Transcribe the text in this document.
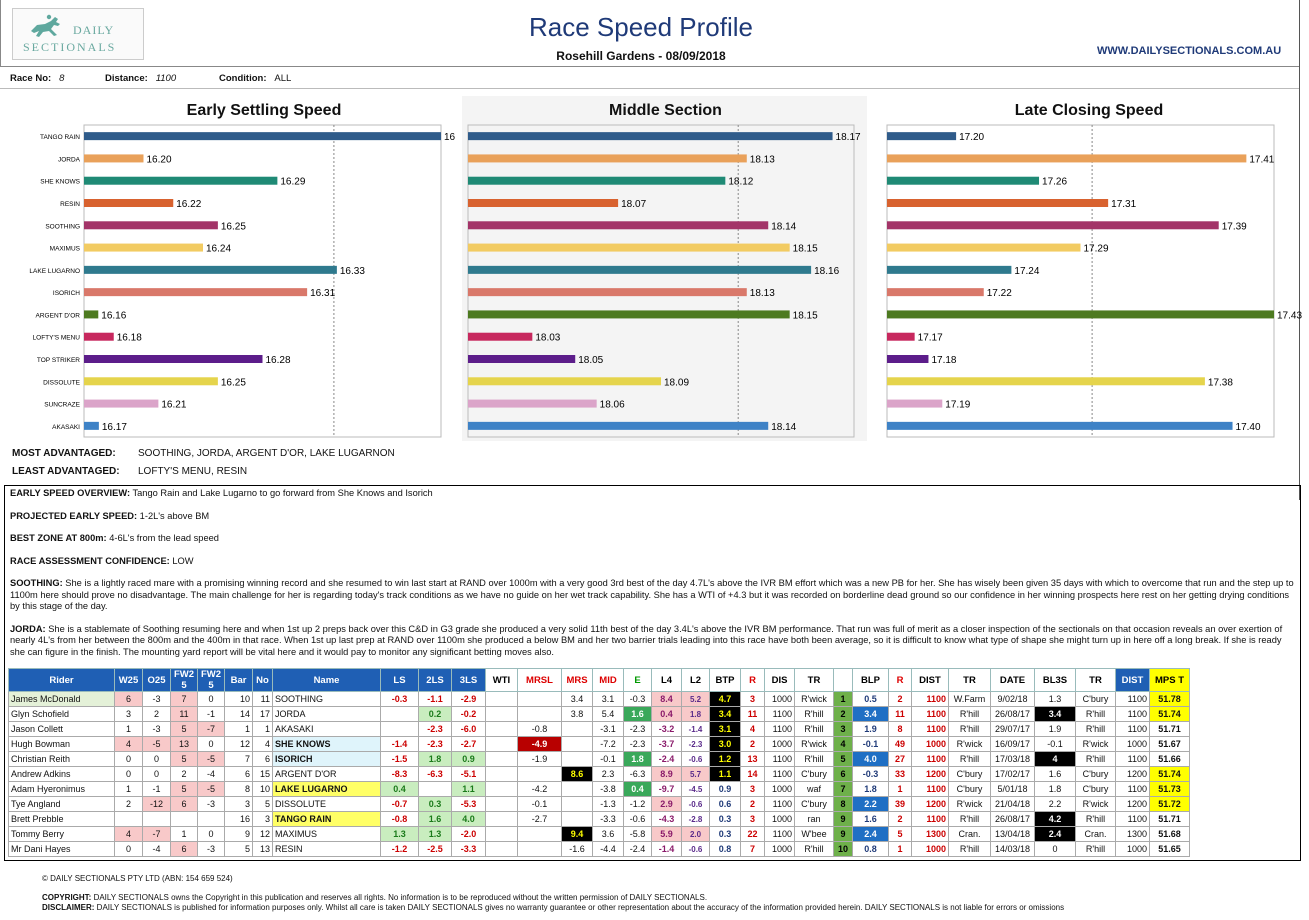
DAILY
SECTIONALS
Race Speed Profile
Rosehill Gardens - 08/09/2018	WWW.DAILYSECTIONALS.COM.AU
Race No: 8	Distance: 1100	Condition: ALL
Early Settling Speed	Middle Section	Late Closing Speed
16
TANGO RAIN
16.20
JORDA
16.29
SHE KNOWS
16.22
RESIN
16.25
SOOTHING
16.24
MAXIMUS
16.33
LAKE LUGARNO
16.31
ISORICH
16.16
ARGENT D'OR
16.18
LOFTY'S MENU
16.28
TOP STRIKER
16.25
DISSOLUTE
16.21
SUNCRAZE
16.17
AKASAKI
18.17
18.13
18.12
18.07
18.14
18.15
18.16
18.13
18.15
18.03
18.05
18.09
18.06
18.14
17.20
17.41
17.26
17.31
17.39
17.29
17.24
17.22
17.43
17.17
17.18
17.38
17.19
17.40
MOST ADVANTAGED: SOOTHING, JORDA, ARGENT D'OR, LAKE LUGARNON
LEAST ADVANTAGED: LOFTY'S MENU, RESIN

EARLY SPEED OVERVIEW: Tango Rain and Lake Lugarno to go forward from She Knows and Isorich

PROJECTED EARLY SPEED: 1-2L's above BM

BEST ZONE AT 800m: 4-6L's from the lead speed

RACE ASSESSMENT CONFIDENCE: LOW

SOOTHING: She is a lightly raced mare with a promising winning record and she resumed to win last start at RAND over 1000m with a very good 3rd best of the day 4.7L's above the IVR BM effort which was a new PB for her. She has wisely been given 35 days with which to overcome that run and the step up to 1100m here should prove no disadvantage. The main challenge for her is regarding today's track conditions as we have no guide on her wet track capability. She has a WTI of +4.3 but it was recorded on borderline dead ground so our confidence in her winning prospects here rest on her getting drying conditions by this stage of the day.

JORDA: She is a stablemate of Soothing resuming here and when 1st up 2 preps back over this C&D in G3 grade she produced a very solid 11th best of the day 3.4L's above the IVR BM performance. That run was full of merit as a closer inspection of the sectionals on that occasion reveals an over exertion of nearly 4L's from her between the 800m and the 400m in that race. When 1st up last prep at RAND over 1100m she produced a below BM and her two barrier trials leading into this race have both been average, so it is difficult to know what type of shape she might turn up in here off a long break. If she is ready she can figure in the finish. The mounting yard report will be vital here and it would pay to monitor any significant betting moves also.

Rider	W25	O25	FW2 5	FW2 5	Bar	No	Name	LS	2LS	3LS	WTI	MRSL	MRS	MID	E	L4	L2	BTP	R	DIS	TR		BLP	R	DIST	TR	DATE	BL3S	TR	DIST	MPS T
James McDonald	6	-3	7	0	10	11	SOOTHING	-0.3	-1.1	-2.9			3.4	3.1	-0.3	8.4	5.2	4.7	3	1000	R'wick	1	0.5	2	1100	W.Farm	9/02/18	1.3	C'bury	1100	51.78
Glyn Schofield	3	2	11	-1	14	17	JORDA		0.2	-0.2			3.8	5.4	1.6	0.4	1.8	3.4	11	1100	R'hill	2	3.4	11	1100	R'hill	26/08/17	3.4	R'hill	1100	51.74
Jason Collett	1	-3	5	-7	1	1	AKASAKI		-2.3	-6.0		-0.8		-3.1	-2.3	-3.2	-1.4	3.1	4	1100	R'hill	3	1.9	8	1100	R'hill	29/07/17	1.9	R'hill	1100	51.71
Hugh Bowman	4	-5	13	0	12	4	SHE KNOWS	-1.4	-2.3	-2.7		-4.9		-7.2	-2.3	-3.7	-2.3	3.0	2	1000	R'wick	4	-0.1	49	1000	R'wick	16/09/17	-0.1	R'wick	1000	51.67
Christian Reith	0	0	5	-5	7	6	ISORICH	-1.5	1.8	0.9		-1.9		-0.1	1.8	-2.4	-0.6	1.2	13	1100	R'hill	5	4.0	27	1100	R'hill	17/03/18	4	R'hill	1100	51.66
Andrew Adkins	0	0	2	-4	6	15	ARGENT D'OR	-8.3	-6.3	-5.1			8.6	2.3	-6.3	8.9	5.7	1.1	14	1100	C'bury	6	-0.3	33	1200	C'bury	17/02/17	1.6	C'bury	1200	51.74
Adam Hyeronimus	1	-1	5	-5	8	10	LAKE LUGARNO	0.4		1.1		-4.2		-3.8	0.4	-9.7	-4.5	0.9	3	1000	waf	7	1.8	1	1100	C'bury	5/01/18	1.8	C'bury	1100	51.73
Tye Angland	2	-12	6	-3	3	5	DISSOLUTE	-0.7	0.3	-5.3		-0.1		-1.3	-1.2	2.9	-0.6	0.6	2	1100	C'bury	8	2.2	39	1200	R'wick	21/04/18	2.2	R'wick	1200	51.72
Brett Prebble					16	3	TANGO RAIN	-0.8	1.6	4.0		-2.7		-3.3	-0.6	-4.3	-2.8	0.3	3	1000	ran	9	1.6	2	1100	R'hill	26/08/17	4.2	R'hill	1100	51.71
Tommy Berry	4	-7	1	0	9	12	MAXIMUS	1.3	1.3	-2.0			9.4	3.6	-5.8	5.9	2.0	0.3	22	1100	W'bee	9	2.4	5	1300	Cran.	13/04/18	2.4	Cran.	1300	51.68
Mr Dani Hayes	0	-4	6	-3	5	13	RESIN	-1.2	-2.5	-3.3			-1.6	-4.4	-2.4	-1.4	-0.6	0.8	7	1000	R'hill	10	0.8	1	1000	R'hill	14/03/18	0	R'hill	1000	51.65
© DAILY SECTIONALS PTY LTD (ABN: 154 659 524)
COPYRIGHT: DAILY SECTIONALS owns the Copyright in this publication and reserves all rights. No information is to be reproduced without the written permission of DAILY SECTIONALS.
DISCLAIMER: DAILY SECTIONALS is published for information purposes only. Whilst all care is taken DAILY SECTIONALS gives no warranty guarantee or other representation about the accuracy of the information provided herein. DAILY SECTIONALS is not liable for errors or omissions
